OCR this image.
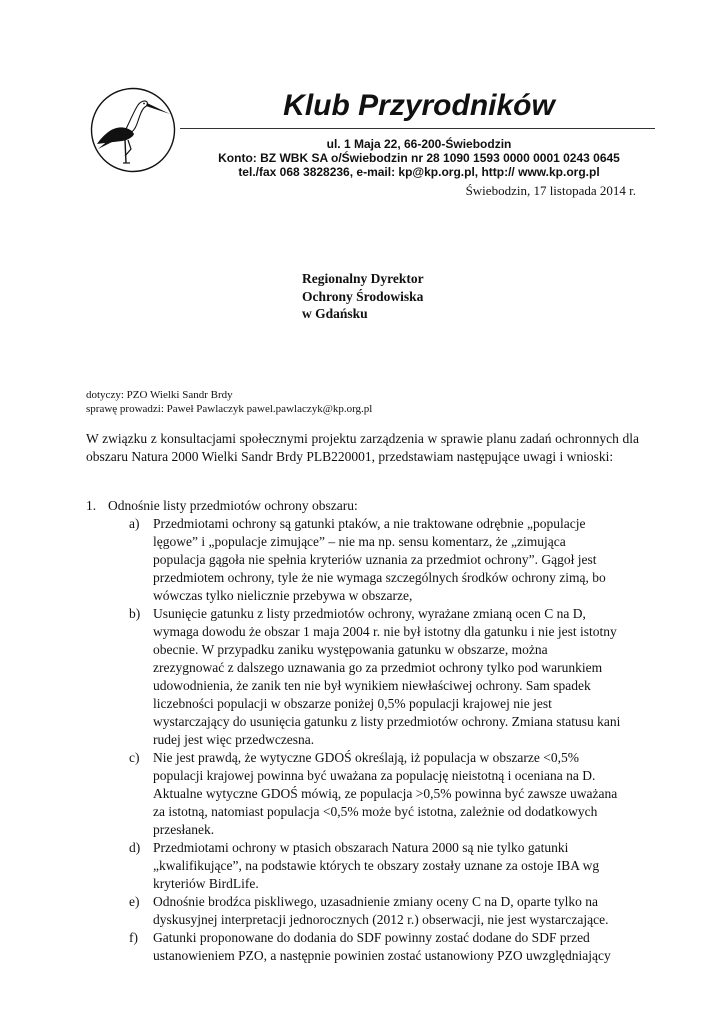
Klub Przyrodników
ul. 1 Maja 22, 66-200-Świebodzin
Konto: BZ WBK SA o/Świebodzin nr 28 1090 1593 0000 0001 0243 0645
tel./fax 068 3828236, e-mail: kp@kp.org.pl, http:// www.kp.org.pl
Świebodzin, 17 listopada 2014 r.
Regionalny Dyrektor
Ochrony Środowiska
w Gdańsku
dotyczy: PZO Wielki Sandr Brdy
sprawę prowadzi: Paweł Pawlaczyk pawel.pawlaczyk@kp.org.pl
W związku z konsultacjami społecznymi projektu zarządzenia w sprawie planu zadań ochronnych dla obszaru Natura 2000 Wielki Sandr Brdy PLB220001, przedstawiam następujące uwagi i wnioski:
1. Odnośnie listy przedmiotów ochrony obszaru:
a) Przedmiotami ochrony są gatunki ptaków, a nie traktowane odrębnie „populacje
lęgowe” i „populacje zimujące” – nie ma np. sensu komentarz, że „zimująca
populacja gągoła nie spełnia kryteriów uznania za przedmiot ochrony”. Gągoł jest
przedmiotem ochrony, tyle że nie wymaga szczególnych środków ochrony zimą, bo
wówczas tylko nielicznie przebywa w obszarze,
b) Usunięcie gatunku z listy przedmiotów ochrony, wyrażane zmianą ocen C na D,
wymaga dowodu że obszar 1 maja 2004 r. nie był istotny dla gatunku i nie jest istotny
obecnie. W przypadku zaniku występowania gatunku w obszarze, można
zrezygnować z dalszego uznawania go za przedmiot ochrony tylko pod warunkiem
udowodnienia, że zanik ten nie był wynikiem niewłaściwej ochrony. Sam spadek
liczebności populacji w obszarze poniżej 0,5% populacji krajowej nie jest
wystarczający do usunięcia gatunku z listy przedmiotów ochrony. Zmiana statusu kani
rudej jest więc przedwczesna.
c) Nie jest prawdą, że wytyczne GDOŚ określają, iż populacja w obszarze <0,5%
populacji krajowej powinna być uważana za populację nieistotną i oceniana na D.
Aktualne wytyczne GDOŚ mówią, ze populacja >0,5% powinna być zawsze uważana
za istotną, natomiast populacja <0,5% może być istotna, zależnie od dodatkowych
przesłanek.
d) Przedmiotami ochrony w ptasich obszarach Natura 2000 są nie tylko gatunki
„kwalifikujące”, na podstawie których te obszary zostały uznane za ostoje IBA wg
kryteriów BirdLife.
e) Odnośnie brodźca piskliwego, uzasadnienie zmiany oceny C na D, oparte tylko na
dyskusyjnej interpretacji jednorocznych (2012 r.) obserwacji, nie jest wystarczające.
f) Gatunki proponowane do dodania do SDF powinny zostać dodane do SDF przed
ustanowieniem PZO, a następnie powinien zostać ustanowiony PZO uwzględniający
